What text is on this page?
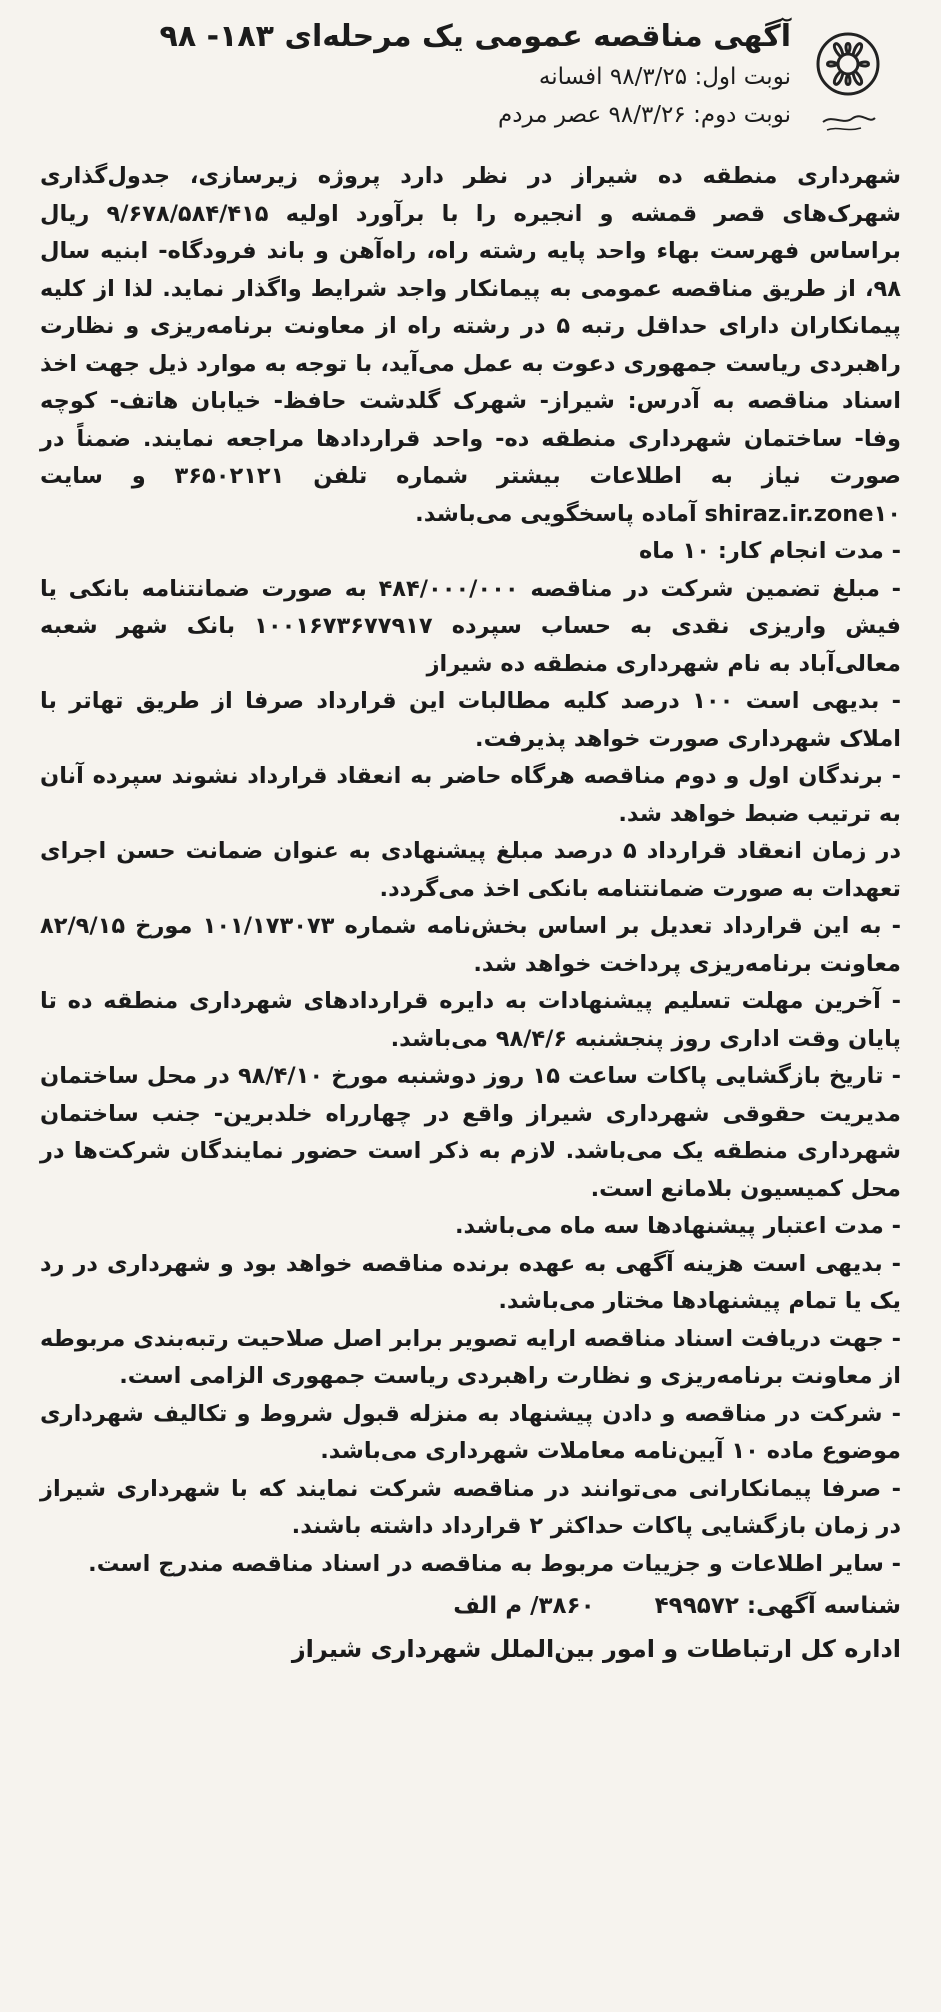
آگهی مناقصه عمومی یک مرحله‌ای ۱۸۳- ۹۸

نوبت اول: ۹۸/۳/۲۵ افسانه

نوبت دوم: ۹۸/۳/۲۶ عصر مردم

شهرداری منطقه ده شیراز در نظر دارد پروژه زیرسازی، جدول‌گذاری شهرک‌های قصر قمشه و انجیره را با برآورد اولیه ۹/۶۷۸/۵۸۴/۴۱۵ ریال براساس فهرست بهاء واحد پایه رشته راه، راه‌آهن و باند فرودگاه- ابنیه سال ۹۸، از طریق مناقصه عمومی به پیمانکار واجد شرایط واگذار نماید. لذا از کلیه پیمانکاران دارای حداقل رتبه ۵ در رشته راه از معاونت برنامه‌ریزی و نظارت راهبردی ریاست جمهوری دعوت به عمل می‌آید، با توجه به موارد ذیل جهت اخذ اسناد مناقصه به آدرس: شیراز- شهرک گلدشت حافظ- خیابان هاتف- کوچه وفا- ساختمان شهرداری منطقه ده- واحد قراردادها مراجعه نمایند. ضمناً در صورت نیاز به اطلاعات بیشتر شماره تلفن ۳۶۵۰۲۱۲۱ و سایت shiraz.ir.zone۱۰ آماده پاسخگویی می‌باشد.

- مدت انجام کار: ۱۰ ماه

- مبلغ تضمین شرکت در مناقصه ۴۸۴/۰۰۰/۰۰۰ به صورت ضمانتنامه بانکی یا فیش واریزی نقدی به حساب سپرده ۱۰۰۱۶۷۳۶۷۷۹۱۷ بانک شهر شعبه معالی‌آباد به نام شهرداری منطقه ده شیراز

- بدیهی است ۱۰۰ درصد کلیه مطالبات این قرارداد صرفا از طریق تهاتر با املاک شهرداری صورت خواهد پذیرفت.

- برندگان اول و دوم مناقصه هرگاه حاضر به انعقاد قرارداد نشوند سپرده آنان به ترتیب ضبط خواهد شد.

در زمان انعقاد قرارداد ۵ درصد مبلغ پیشنهادی به عنوان ضمانت حسن اجرای تعهدات به صورت ضمانتنامه بانکی اخذ می‌گردد.

- به این قرارداد تعدیل بر اساس بخش‌نامه شماره ۱۰۱/۱۷۳۰۷۳ مورخ ۸۲/۹/۱۵ معاونت برنامه‌ریزی پرداخت خواهد شد.

- آخرین مهلت تسلیم پیشنهادات به دایره قراردادهای شهرداری منطقه ده تا پایان وقت اداری روز پنجشنبه ۹۸/۴/۶ می‌باشد.

- تاریخ بازگشایی پاکات ساعت ۱۵ روز دوشنبه مورخ ۹۸/۴/۱۰ در محل ساختمان مدیریت حقوقی شهرداری شیراز واقع در چهارراه خلدبرین- جنب ساختمان شهرداری منطقه یک می‌باشد. لازم به ذکر است حضور نمایندگان شرکت‌ها در محل کمیسیون بلامانع است.

- مدت اعتبار پیشنهادها سه ماه می‌باشد.

- بدیهی است هزینه آگهی به عهده برنده مناقصه خواهد بود و شهرداری در رد یک یا تمام پیشنهادها مختار می‌باشد.

- جهت دریافت اسناد مناقصه ارایه تصویر برابر اصل صلاحیت رتبه‌بندی مربوطه از معاونت برنامه‌ریزی و نظارت راهبردی ریاست جمهوری الزامی است.

- شرکت در مناقصه و دادن پیشنهاد به منزله قبول شروط و تکالیف شهرداری موضوع ماده ۱۰ آیین‌نامه معاملات شهرداری می‌باشد.

- صرفا پیمانکارانی می‌توانند در مناقصه شرکت نمایند که با شهرداری شیراز در زمان بازگشایی پاکات حداکثر ۲ قرارداد داشته باشند.

- سایر اطلاعات و جزییات مربوط به مناقصه در اسناد مناقصه مندرج است.

شناسه آگهی: ۴۹۹۵۷۲
۳۸۶۰/ م الف
اداره کل ارتباطات و امور بین‌الملل شهرداری شیراز
